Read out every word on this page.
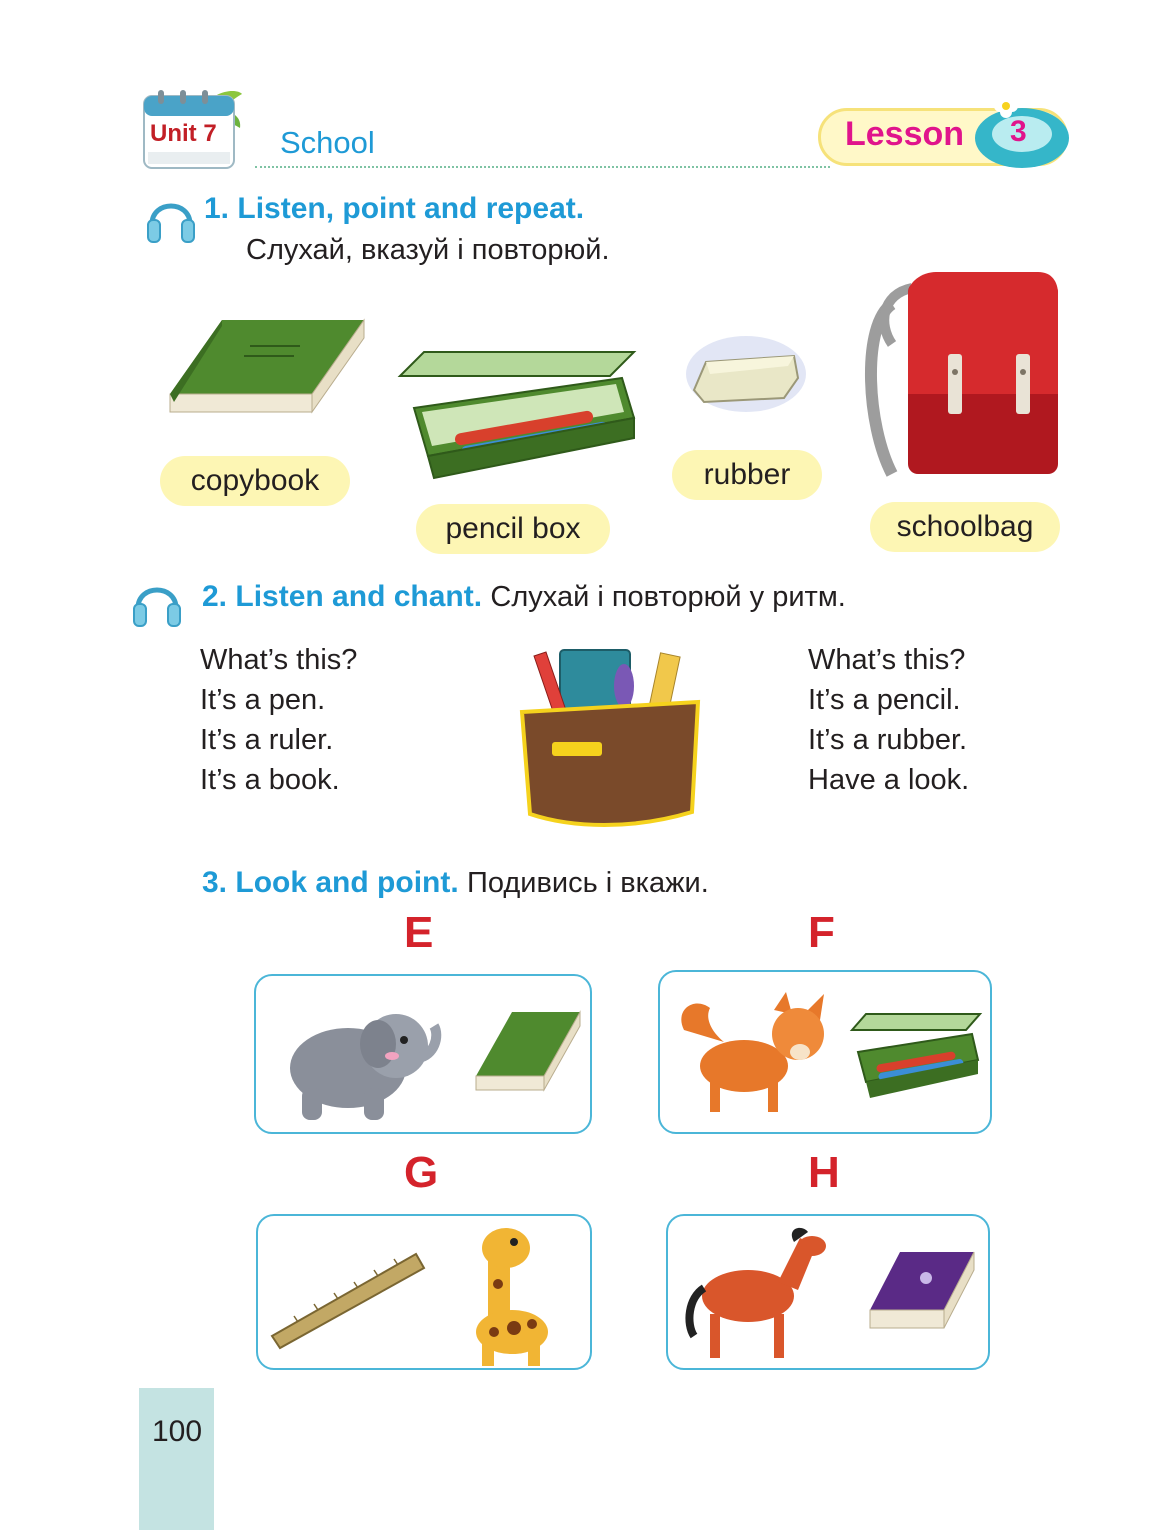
Unit 7 School	Lesson 3
1. Listen, point and repeat.
Слухай, вказуй і повторюй.
copybook
pencil box
rubber
schoolbag
2. Listen and chant. Слухай і повторюй у ритм.
What’s this?
It’s a pen.
It’s a ruler.
It’s a book.
What’s this?
It’s a pencil.
It’s a rubber.
Have a look.
3. Look and point. Подивись і вкажи.
E	F
G	H
100
